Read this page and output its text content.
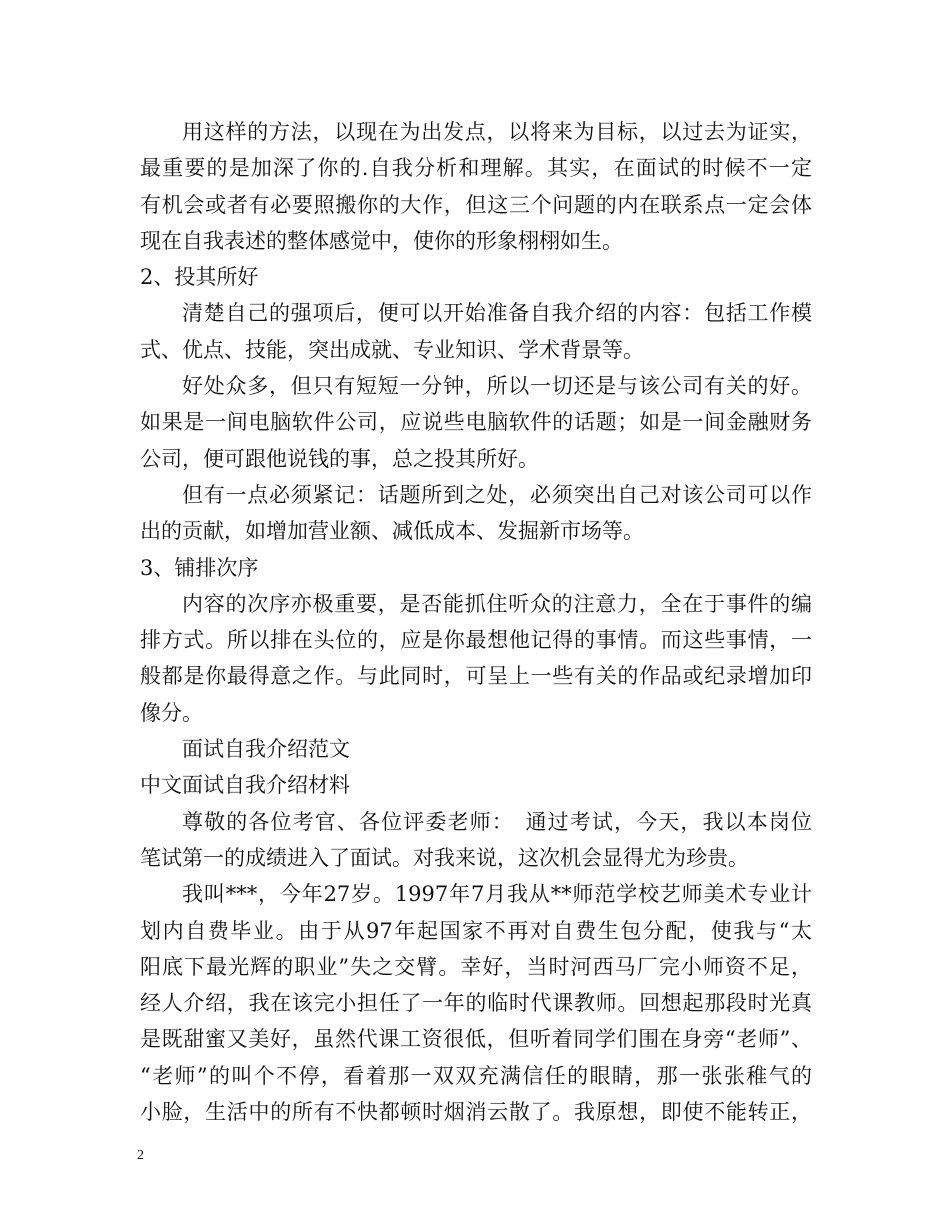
用这样的方法，以现在为出发点，以将来为目标，以过去为证实，
最重要的是加深了你的.自我分析和理解。其实，在面试的时候不一定
有机会或者有必要照搬你的大作，但这三个问题的内在联系点一定会体
现在自我表述的整体感觉中，使你的形象栩栩如生。
2、投其所好
清楚自己的强项后，便可以开始准备自我介绍的内容：包括工作模
式、优点、技能，突出成就、专业知识、学术背景等。
好处众多，但只有短短一分钟，所以一切还是与该公司有关的好。
如果是一间电脑软件公司，应说些电脑软件的话题；如是一间金融财务
公司，便可跟他说钱的事，总之投其所好。
但有一点必须紧记：话题所到之处，必须突出自己对该公司可以作
出的贡献，如增加营业额、减低成本、发掘新市场等。
3、铺排次序
内容的次序亦极重要，是否能抓住听众的注意力，全在于事件的编
排方式。所以排在头位的，应是你最想他记得的事情。而这些事情，一
般都是你最得意之作。与此同时，可呈上一些有关的作品或纪录增加印
像分。
面试自我介绍范文
中文面试自我介绍材料
尊敬的各位考官、各位评委老师：　通过考试，今天，我以本岗位
笔试第一的成绩进入了面试。对我来说，这次机会显得尤为珍贵。
我叫***，今年27岁。1997年7月我从**师范学校艺师美术专业计
划内自费毕业。由于从97年起国家不再对自费生包分配，使我与“太
阳底下最光辉的职业”失之交臂。幸好，当时河西马厂完小师资不足，
经人介绍，我在该完小担任了一年的临时代课教师。回想起那段时光真
是既甜蜜又美好，虽然代课工资很低，但听着同学们围在身旁“老师”、
“老师”的叫个不停，看着那一双双充满信任的眼睛，那一张张稚气的
小脸，生活中的所有不快都顿时烟消云散了。我原想，即使不能转正，
2
